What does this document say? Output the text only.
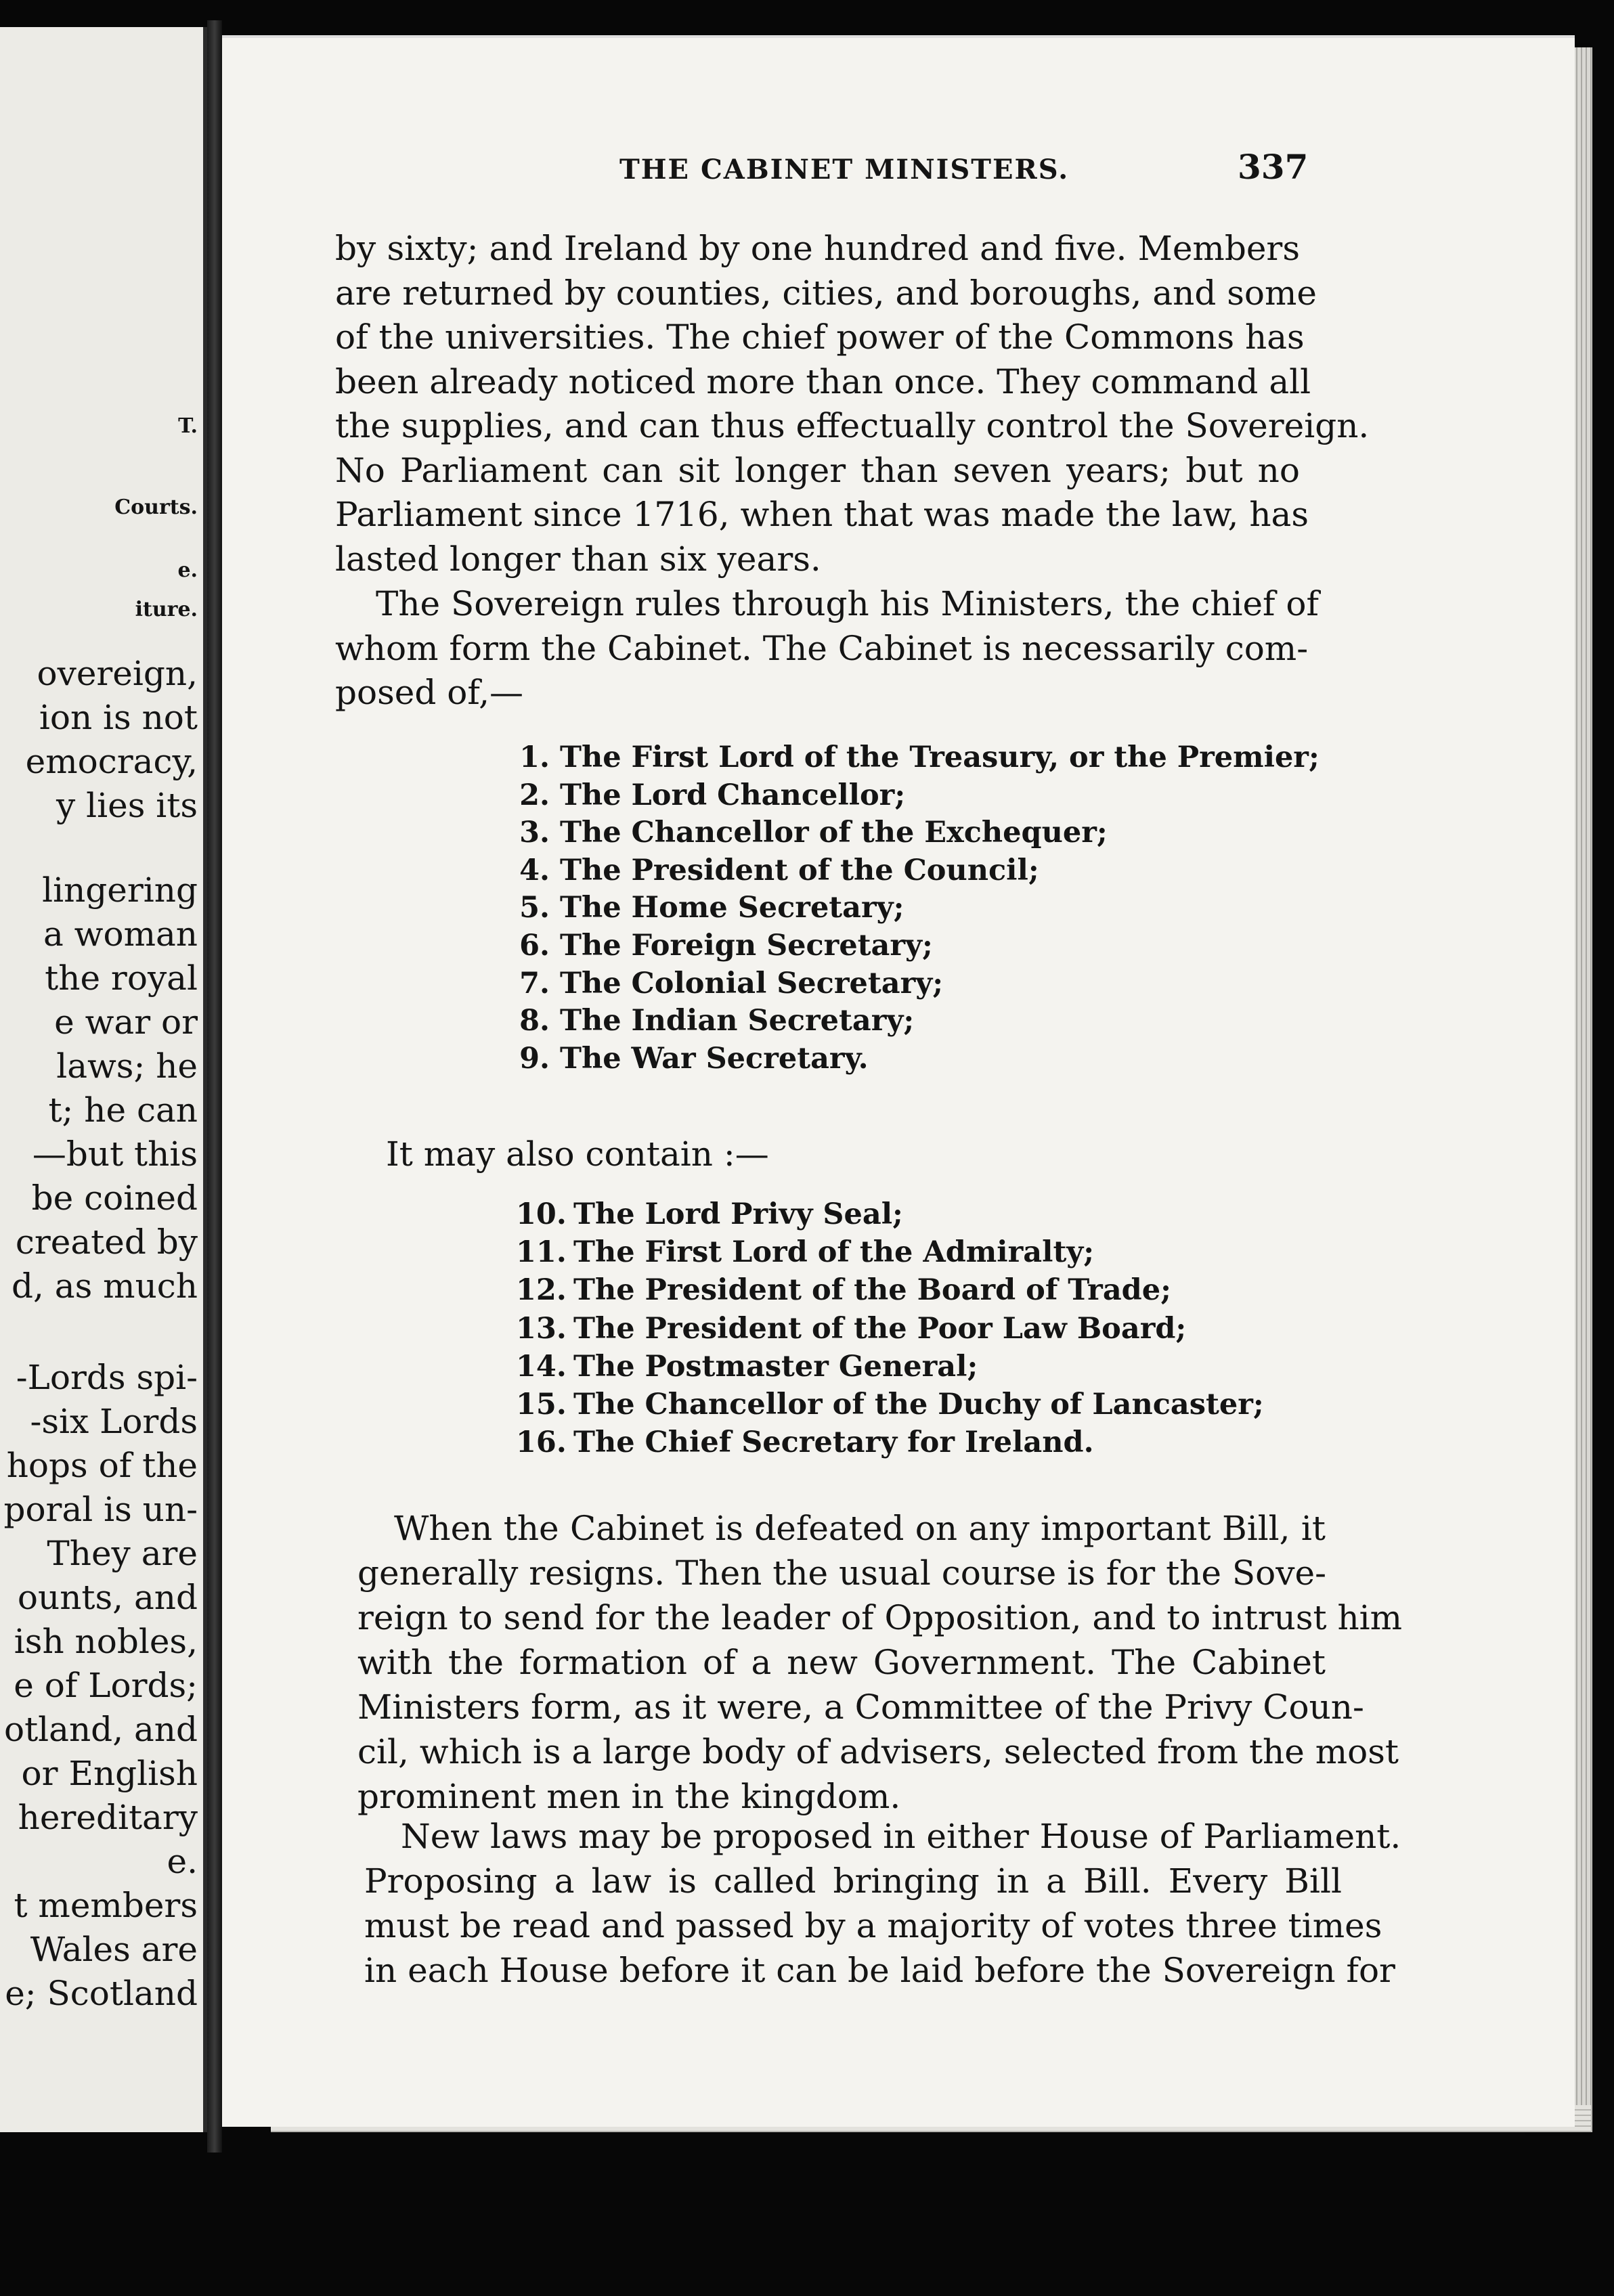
T.
Courts.
e.
iture.
overeign,
ion is not
emocracy,
y lies its
lingering
a woman
the royal
e war or
laws; he
t; he can
—but this
be coined
created by
d, as much
-Lords spi-
-six Lords
hops of the
poral is un-
They are
ounts, and
ish nobles,
e of Lords;
otland, and
or English
hereditary
e.
t members
Wales are
e; Scotland
THE CABINET MINISTERS.	337
by sixty; and Ireland by one hundred and five. Members
are returned by counties, cities, and boroughs, and some
of the universities. The chief power of the Commons has
been already noticed more than once. They command all
the supplies, and can thus effectually control the Sovereign.
No Parliament can sit longer than seven years; but no
Parliament since 1716, when that was made the law, has
lasted longer than six years.
The Sovereign rules through his Ministers, the chief of
whom form the Cabinet. The Cabinet is necessarily com-
posed of,—
1. The First Lord of the Treasury, or the Premier;
2. The Lord Chancellor;
3. The Chancellor of the Exchequer;
4. The President of the Council;
5. The Home Secretary;
6. The Foreign Secretary;
7. The Colonial Secretary;
8. The Indian Secretary;
9. The War Secretary.
It may also contain :—
10. The Lord Privy Seal;
11. The First Lord of the Admiralty;
12. The President of the Board of Trade;
13. The President of the Poor Law Board;
14. The Postmaster General;
15. The Chancellor of the Duchy of Lancaster;
16. The Chief Secretary for Ireland.
When the Cabinet is defeated on any important Bill, it
generally resigns. Then the usual course is for the Sove-
reign to send for the leader of Opposition, and to intrust him
with the formation of a new Government. The Cabinet
Ministers form, as it were, a Committee of the Privy Coun-
cil, which is a large body of advisers, selected from the most
prominent men in the kingdom.
New laws may be proposed in either House of Parliament.
Proposing a law is called bringing in a Bill. Every Bill
must be read and passed by a majority of votes three times
in each House before it can be laid before the Sovereign for
